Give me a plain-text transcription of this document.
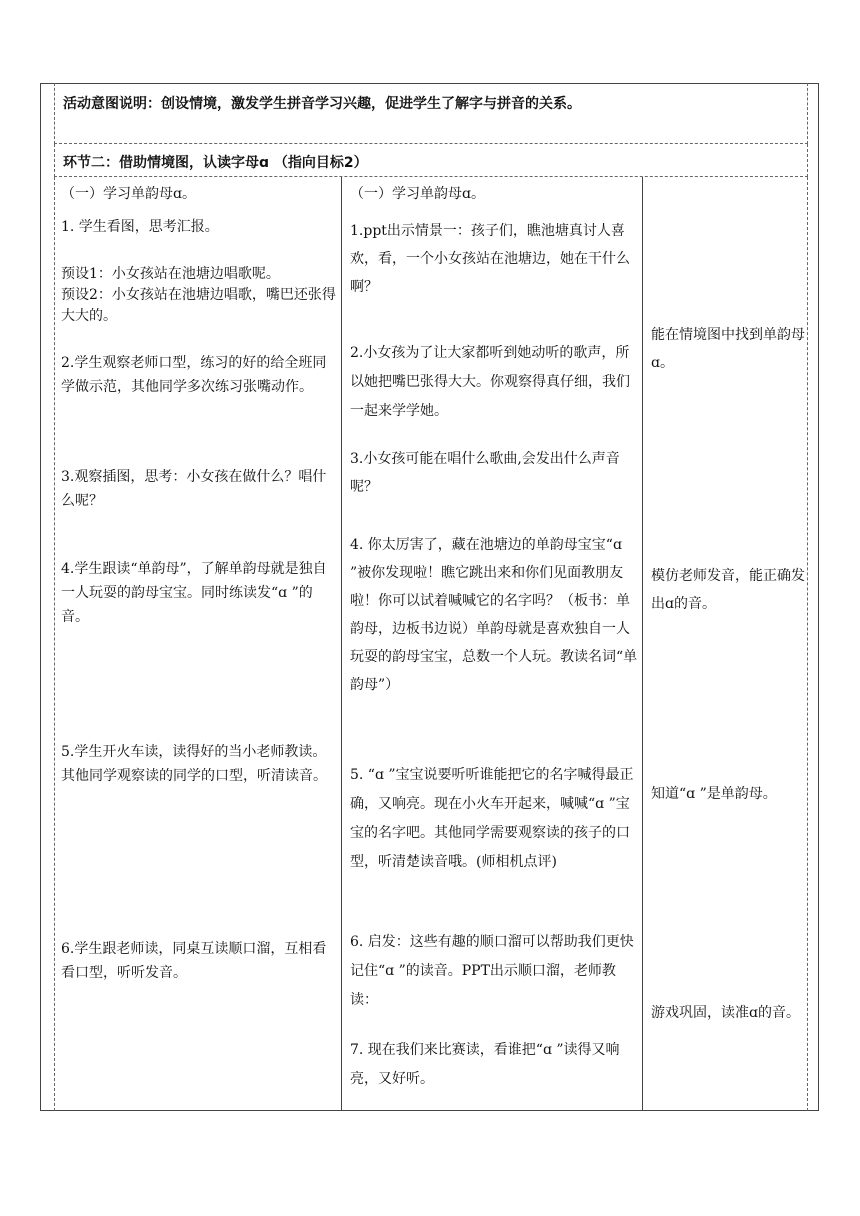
活动意图说明：创设情境，激发学生拼音学习兴趣，促进学生了解字与拼音的关系。
环节二：借助情境图，认读字母ɑ （指向目标2）

（一）学习单韵母ɑ。

1. 学生看图，思考汇报。

预设1：小女孩站在池塘边唱歌呢。

预设2：小女孩站在池塘边唱歌，嘴巴还张得大大的。

2.学生观察老师口型，练习的好的给全班同学做示范，其他同学多次练习张嘴动作。

3.观察插图，思考：小女孩在做什么？唱什么呢？

4.学生跟读“单韵母”，了解单韵母就是独自一人玩耍的韵母宝宝。同时练读发“ɑ ”的音。

5.学生开火车读，读得好的当小老师教读。其他同学观察读的同学的口型，听清读音。

6.学生跟老师读，同桌互读顺口溜，互相看看口型，听听发音。

（一）学习单韵母ɑ。

1.ppt出示情景一：孩子们，瞧池塘真讨人喜欢，看，一个小女孩站在池塘边，她在干什么啊？

2.小女孩为了让大家都听到她动听的歌声，所以她把嘴巴张得大大。你观察得真仔细，我们一起来学学她。

3.小女孩可能在唱什么歌曲,会发出什么声音呢？

4. 你太厉害了，藏在池塘边的单韵母宝宝“ɑ ”被你发现啦！瞧它跳出来和你们见面教朋友啦！你可以试着喊喊它的名字吗？（板书：单韵母，边板书边说）单韵母就是喜欢独自一人玩耍的韵母宝宝，总数一个人玩。教读名词“单韵母”）

5. “ɑ ”宝宝说要听听谁能把它的名字喊得最正确，又响亮。现在小火车开起来，喊喊“ɑ ”宝宝的名字吧。其他同学需要观察读的孩子的口型，听清楚读音哦。(师相机点评)

6. 启发：这些有趣的顺口溜可以帮助我们更快记住“ɑ ”的读音。PPT出示顺口溜，老师教读：

7. 现在我们来比赛读，看谁把“ɑ ”读得又响亮，又好听。

能在情境图中找到单韵母ɑ。

模仿老师发音，能正确发出ɑ的音。

知道“ɑ ”是单韵母。

游戏巩固，读准ɑ的音。
